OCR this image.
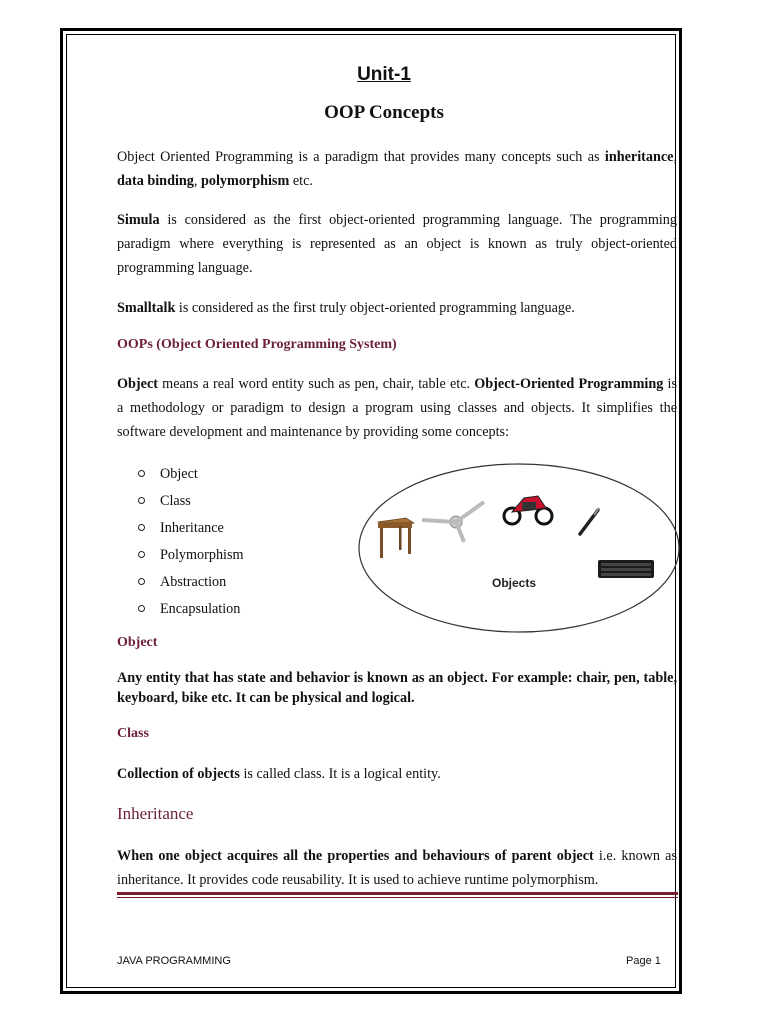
Unit-1
OOP Concepts
Object Oriented Programming is a paradigm that provides many concepts such as inheritance, data binding, polymorphism etc.
Simula is considered as the first object-oriented programming language. The programming paradigm where everything is represented as an object is known as truly object-oriented programming language.
Smalltalk is considered as the first truly object-oriented programming language.
OOPs (Object Oriented Programming System)
Object means a real word entity such as pen, chair, table etc. Object-Oriented Programming is a methodology or paradigm to design a program using classes and objects. It simplifies the software development and maintenance by providing some concepts:
Object
Class
Inheritance
Polymorphism
Abstraction
Encapsulation
Objects
Object
Any entity that has state and behavior is known as an object. For example: chair, pen, table, keyboard, bike etc. It can be physical and logical.
Class
Collection of objects is called class. It is a logical entity.
Inheritance
When one object acquires all the properties and behaviours of parent object i.e. known as inheritance. It provides code reusability. It is used to achieve runtime polymorphism.
JAVA PROGRAMMING	Page 1
